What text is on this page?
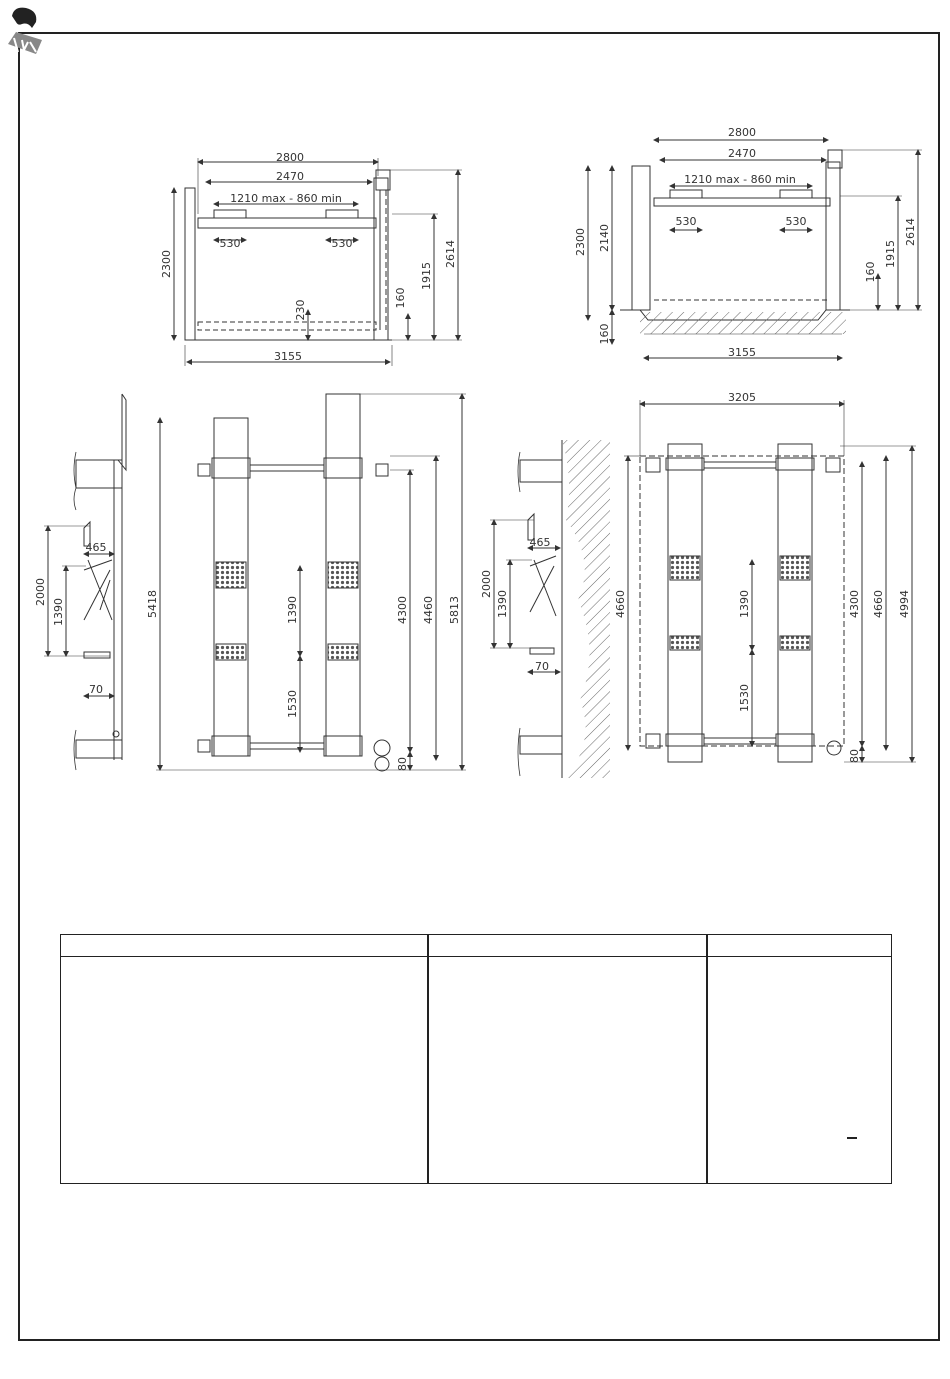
2800
2470
1210 max - 860 min
530	530
2300	1915
2614
160
230
3155
2800
2470
1210 max - 860 min
530	530
2300 2140
160
160
1915
2614
3155
465
2000
1390
70
5418	1390
1530
4300 4460 5813
80
465
2000
1390
70
3205
4660	1390
1530
4300 4660 4994
80
